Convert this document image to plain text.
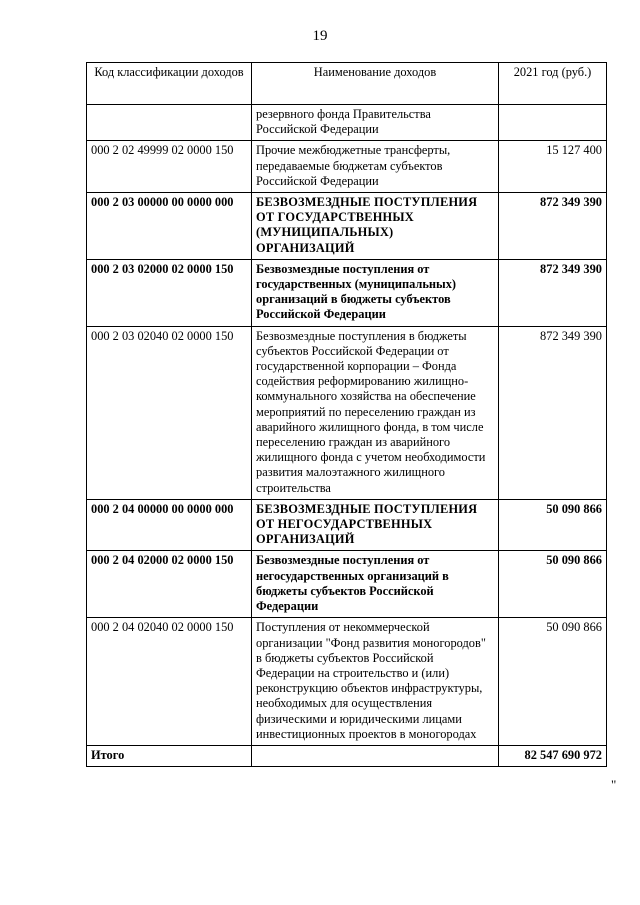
19
Код классификации доходов	Наименование доходов	2021 год (руб.)
	резервного фонда Правительства Российской Федерации	
000 2 02 49999 02 0000 150	Прочие межбюджетные трансферты, передаваемые бюджетам субъектов Российской Федерации	15 127 400
000 2 03 00000 00 0000 000	БЕЗВОЗМЕЗДНЫЕ ПОСТУПЛЕНИЯ ОТ ГОСУДАРСТВЕННЫХ (МУНИЦИПАЛЬНЫХ) ОРГАНИЗАЦИЙ	872 349 390
000 2 03 02000 02 0000 150	Безвозмездные поступления от государственных (муниципальных) организаций в бюджеты субъектов Российской Федерации	872 349 390
000 2 03 02040 02 0000 150	Безвозмездные поступления в бюджеты субъектов Российской Федерации от государственной корпорации – Фонда содействия реформированию жилищно-коммунального хозяйства на обеспечение мероприятий по переселению граждан из аварийного жилищного фонда, в том числе переселению граждан из аварийного жилищного фонда с учетом необходимости развития малоэтажного жилищного строительства	872 349 390
000 2 04 00000 00 0000 000	БЕЗВОЗМЕЗДНЫЕ ПОСТУПЛЕНИЯ ОТ НЕГОСУДАРСТВЕННЫХ ОРГАНИЗАЦИЙ	50 090 866
000 2 04 02000 02 0000 150	Безвозмездные поступления от негосударственных организаций в бюджеты субъектов Российской Федерации	50 090 866
000 2 04 02040 02 0000 150	Поступления от некоммерческой организации "Фонд развития моногородов" в бюджеты субъектов Российской Федерации на строительство и (или) реконструкцию объектов инфраструктуры, необходимых для осуществления физическими и юридическими лицами инвестиционных проектов в моногородах	50 090 866
Итого		82 547 690 972
"
